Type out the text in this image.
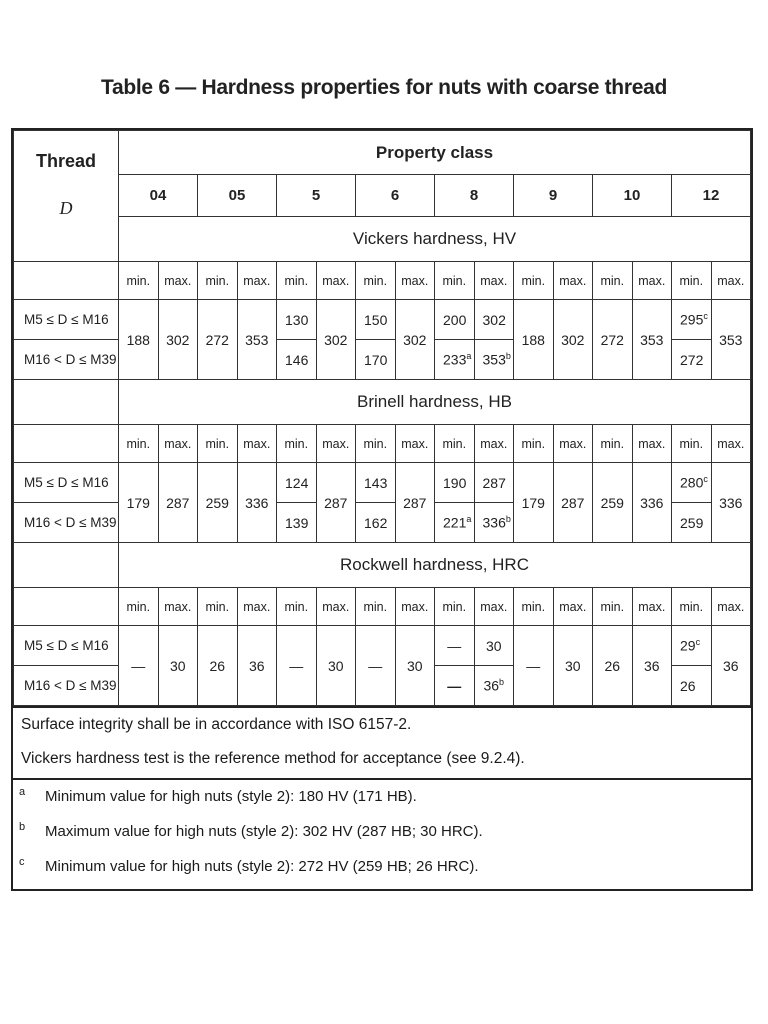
Table 6 — Hardness properties for nuts with coarse thread
Thread
D	Property class															
	04		05		5		6		8		9		10		12	
	Vickers hardness, HV															
	min.	max.	min.	max.	min.	max.	min.	max.	min.	max.	min.	max.	min.	max.	min.	max.
M5 ≤ D ≤ M16	188	302	272	353	130	302	150	302	200	302	188	302	272	353	295$^c$	353
M16 < D ≤ M39					146		170		233$^a$	353$^b$					272	
	Brinell hardness, HB															
	min.	max.	min.	max.	min.	max.	min.	max.	min.	max.	min.	max.	min.	max.	min.	max.
M5 ≤ D ≤ M16	179	287	259	336	124	287	143	287	190	287	179	287	259	336	280$^c$	336
M16 < D ≤ M39					139		162		221$^a$	336$^b$					259	
	Rockwell hardness, HRC															
	min.	max.	min.	max.	min.	max.	min.	max.	min.	max.	min.	max.	min.	max.	min.	max.
M5 ≤ D ≤ M16	—	30	26	36	—	30	—	30	—	30	—	30	26	36	29$^c$	36
M16 < D ≤ M39									—	36$^b$					26	

Surface integrity shall be in accordance with ISO 6157-2.

Vickers hardness test is the reference method for acceptance (see 9.2.4).

a	Minimum value for high nuts (style 2): 180 HV (171 HB).
b	Maximum value for high nuts (style 2): 302 HV (287 HB; 30 HRC).
c	Minimum value for high nuts (style 2): 272 HV (259 HB; 26 HRC).
